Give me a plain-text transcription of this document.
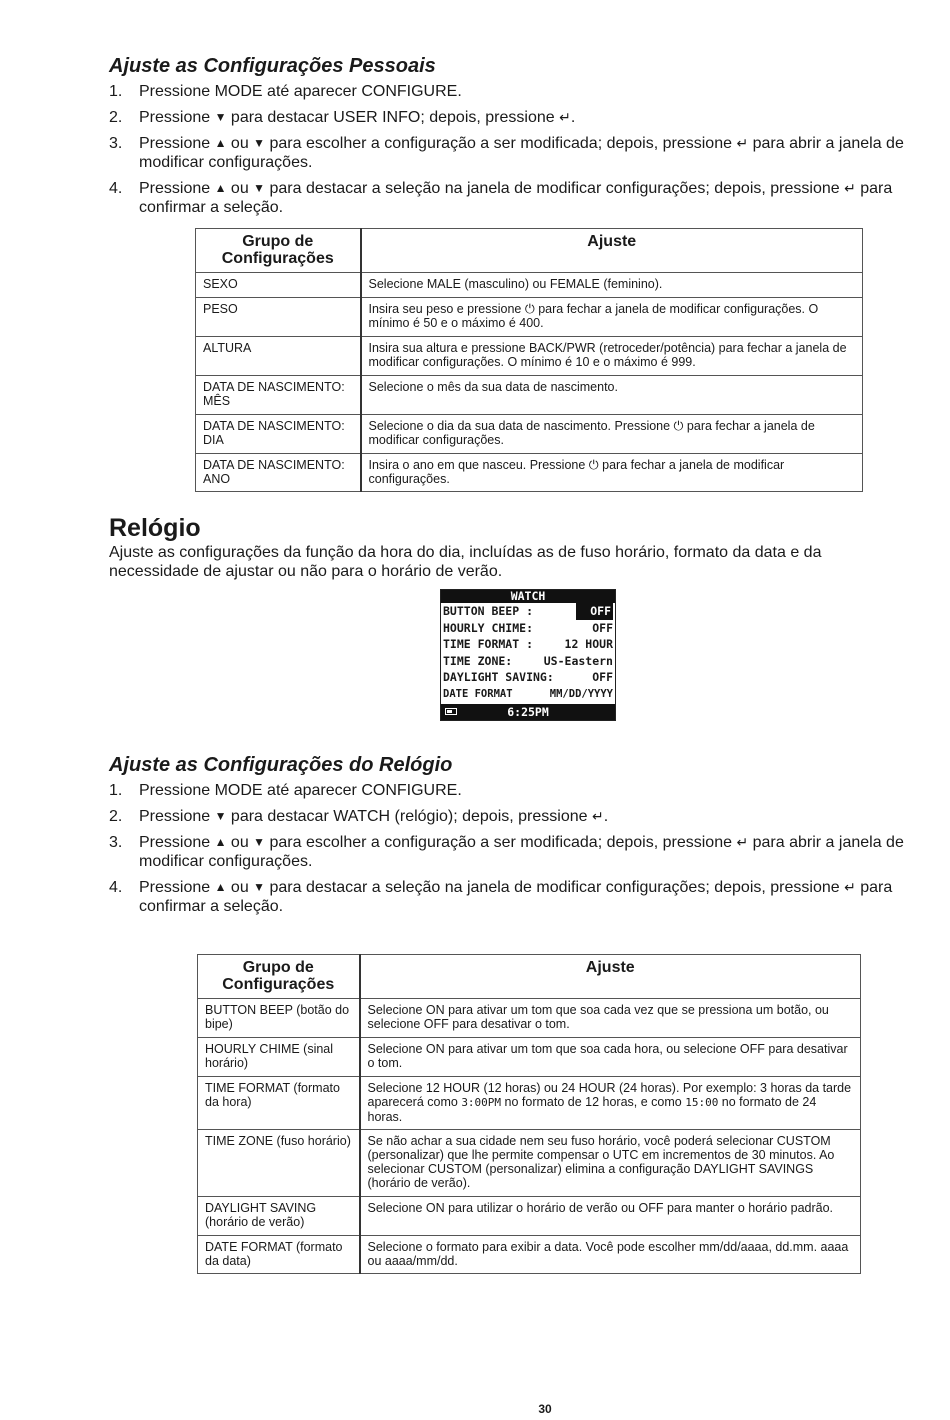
Ajuste as Configurações Pessoais
1. Pressione MODE até aparecer CONFIGURE.
2. Pressione ▼ para destacar USER INFO; depois, pressione ↵.
3. Pressione ▲ ou ▼ para escolher a configuração a ser modificada; depois, pressione ↵ para abrir a janela de modificar configurações.
4. Pressione ▲ ou ▼ para destacar a seleção na janela de modificar configurações; depois, pressione ↵ para confirmar a seleção.
Grupo de Configurações	Ajuste
SEXO	Selecione MALE (masculino) ou FEMALE (feminino).
PESO	Insira seu peso e pressione ⏻ para fechar a janela de modificar configurações. O mínimo é 50 e o máximo é 400.
ALTURA	Insira sua altura e pressione BACK/PWR (retroceder/potência) para fechar a janela de modificar configurações. O mínimo é 10 e o máximo é 999.
DATA DE NASCIMENTO: MÊS	Selecione o mês da sua data de nascimento.
DATA DE NASCIMENTO: DIA	Selecione o dia da sua data de nascimento. Pressione ⏻ para fechar a janela de modificar configurações.
DATA DE NASCIMENTO: ANO	Insira o ano em que nasceu. Pressione ⏻ para fechar a janela de modificar configurações.
Relógio

Ajuste as configurações da função da hora do dia, incluídas as de fuso horário, formato da data e da necessidade de ajustar ou não para o horário de verão.

WATCH
BUTTON BEEP :	OFF
HOURLY CHIME:	OFF
TIME FORMAT :	12 HOUR
TIME ZONE:	US-Eastern
DAYLIGHT SAVING:	OFF
DATE FORMAT	MM/DD/YYYY
6:25PM
Ajuste as Configurações do Relógio
1. Pressione MODE até aparecer CONFIGURE.
2. Pressione ▼ para destacar WATCH (relógio); depois, pressione ↵.
3. Pressione ▲ ou ▼ para escolher a configuração a ser modificada; depois, pressione ↵ para abrir a janela de modificar configurações.
4. Pressione ▲ ou ▼ para destacar a seleção na janela de modificar configurações; depois, pressione ↵ para confirmar a seleção.
Grupo de Configurações	Ajuste
BUTTON BEEP (botão do bipe)	Selecione ON para ativar um tom que soa cada vez que se pressiona um botão, ou selecione OFF para desativar o tom.
HOURLY CHIME (sinal horário)	Selecione ON para ativar um tom que soa cada hora, ou selecione OFF para desativar o tom.
TIME FORMAT (formato da hora)	Selecione 12 HOUR (12 horas) ou 24 HOUR (24 horas). Por exemplo: 3 horas da tarde aparecerá como 3:00PM no formato de 12 horas, e como 15:00 no formato de 24 horas.
TIME ZONE (fuso horário)	Se não achar a sua cidade nem seu fuso horário, você poderá selecionar CUSTOM (personalizar) que lhe permite compensar o UTC em incrementos de 30 minutos. Ao selecionar CUSTOM (personalizar) elimina a configuração DAYLIGHT SAVINGS (horário de verão).
DAYLIGHT SAVING (horário de verão)	Selecione ON para utilizar o horário de verão ou OFF para manter o horário padrão.
DATE FORMAT (formato da data)	Selecione o formato para exibir a data. Você pode escolher mm/dd/aaaa, dd.mm. aaaa ou aaaa/mm/dd.
30
